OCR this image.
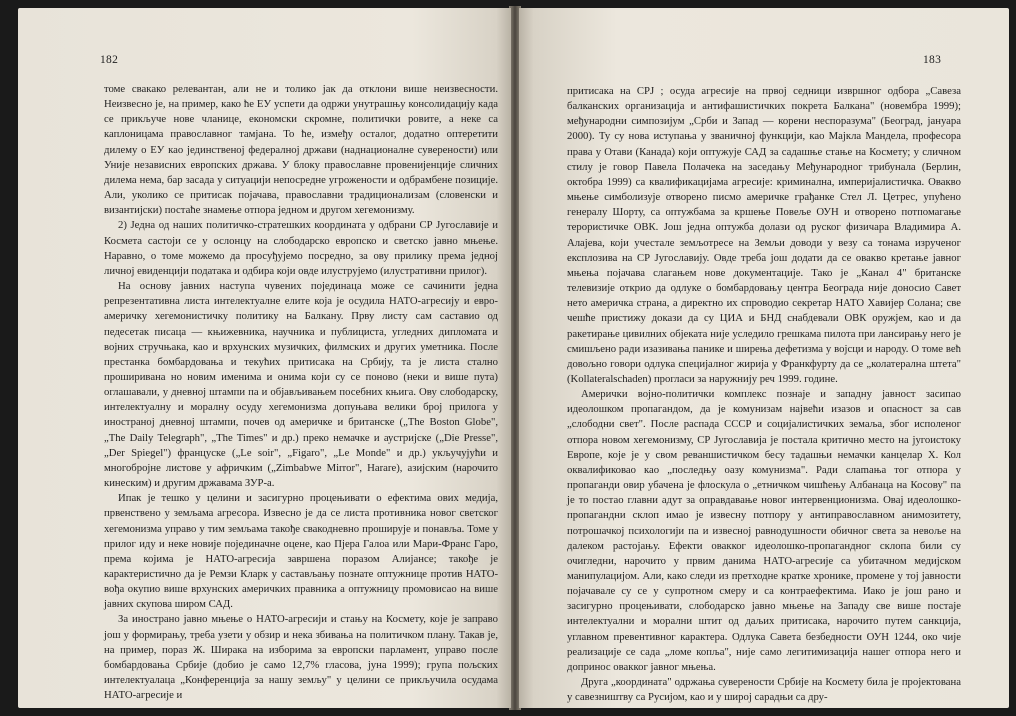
182

томе свакако релевантан, али не и толико јак да отклони више неизвесности. Неизвесно је, на пример, како ће ЕУ успети да одржи унутрашњу консолидацију када се прикључе нове чланице, економски скромне, политички ровите, а неке са каплоницама православног тамјана. То ће, између осталог, додатно оптеретити дилему о ЕУ као јединственој федералној држави (наднационалне суверености) или Уније независних европских држава. У блоку православне провенијенције сличних дилема нема, бар засада у ситуацији непосредне угрожености и одбрамбене позиције. Али, уколико се притисак појачава, православни традиционализам (словенски и византијски) постаће знамење отпора једном и другом хегемонизму.

2) Једна од наших политичко-стратешких координата у одбрани СР Југославије и Космета састоји се у ослонцу на слободарско европско и светско јавно мњење. Наравно, о томе можемо да просуђујемо посредно, за ову прилику према једној личној евиденцији података и одбира који овде илуструјемо (илустративни прилог).

На основу јавних наступа чувених појединаца може се сачинити једна репрезентативна листа интелектуалне елите која је осудила НАТО-агресију и евро-америчку хегемонистичку политику на Балкану. Прву листу сам саставио од педесетак писаца — књижевника, научника и публициста, угледних дипломата и војних стручњака, као и врхунских музичких, филмских и других уметника. После престанка бомбардовања и текућих притисака на Србију, та је листа стално проширивана но новим именима и онима који су се поново (неки и више пута) оглашавали, у дневној штампи па и објављивањем посебних књига. Ову слободарску, интелектуалну и моралну осуду хегемонизма допуњава велики број прилога у иностраној дневној штампи, почев од америчке и британске („The Boston Globe", „The Daily Telegraph", „The Times" и др.) преко немачке и аустријске („Die Presse", „Der Spiegel") француске („Le soir", „Figaro", „Le Monde" и др.) укључујући и многобројне листове у афричким („Zimbabwe Mirror", Harare), азијским (нарочито кинеским) и другим државама ЗУР-а.

Ипак је тешко у целини и засигурно процењивати о ефектима ових медија, првенствено у земљама агресора. Извесно је да се листа противника новог светског хегемонизма управо у тим земљама такође свакодневно проширује и понавља. Томе у прилог иду и неке новије појединачне оцене, као Пјера Галоа или Мари-Франс Гаро, према којима је НАТО-агресија завршена поразом Алијансе; такође је карактеристично да је Ремзи Кларк у састављању познате оптужнице против НАТО-вођа окупио више врхунских америчких правника а оптужницу промовисао на више јавних скупова широм САД.

За инострано јавно мњење о НАТО-агресији и стању на Космету, које је заправо још у формирању, треба узети у обзир и нека збивања на политичком плану. Такав је, на пример, пораз Ж. Ширака на изборима за европски парламент, управо после бомбардовања Србије (добио је само 12,7% гласова, јуна 1999); група пољских интелектуалаца „Конференција за нашу земљу" у целини се прикључила осудама НАТО-агресије и

183

притисака на СРЈ ; осуда агресије на првој седници извршног одбора „Савеза балканских организација и антифашистичких покрета Балкана" (новембра 1999); међународни симпозијум „Срби и Запад — корени неспоразума" (Београд, јануара 2000). Ту су нова иступања у званичној функцији, као Мајкла Мандела, професора права у Отави (Канада) који оптужује САД за садашње стање на Космету; у сличном стилу је говор Павела Полачека на заседању Међународног трибунала (Берлин, октобра 1999) са квалификацијама агресије: криминална, империјалистичка. Овакво мњење симболизује отворено писмо америчке грађанке Стел Л. Цетрес, упућено генералу Шорту, са оптужбама за кршење Повеље ОУН и отворено потпомагање терористичке ОВК. Још једна оптужба долази од руског физичара Владимира А. Алајева, који учестале земљотресе на Земљи доводи у везу са тонама изрученог експлозива на СР Југославију. Овде треба још додати да се овакво кретање јавног мњења појачава слагањем нове документације. Тако је „Канал 4" британске телевизије открио да одлуке о бомбардовању центра Београда није доносио Савет нето америчка страна, а директно их спроводио секретар НАТО Хавијер Солана; све чешће пристижу докази да су ЦИА и БНД снабдевали ОВК оружјем, као и да ракетирање цивилних објеката није уследило грешкама пилота при лансирању него је смишљено ради изазивања панике и ширења дефетизма у војсци и народу. О томе већ довољно говори одлука специјалног жирија у Франкфурту да се „колатерална штета" (Kollateralschaden) прогласи за наружнију реч 1999. године.

Амерички војно-политички комплекс познаје и западну јавност засипао идеолошком пропагандом, да је комунизам највећи изазов и опасност за сав „слободни свет". После распада СССР и социјалистичких земаља, због исполеног отпора новом хегемонизму, СР Југославија је постала критично место на југоистоку Европе, које је у свом реваншистичком бесу тадашњи немачки канцелар Х. Кол оквалификовао као „последњу оазу комунизма". Ради слamaња тог отпора у пропаганди овир убачена је флоскула о „етничком чишћењу Албанаца на Косову" па је то постао главни адут за оправдавање новог интервенционизма. Овај идеолошко-пропагандни склоп имао је извесну потпору у антиправославном анимозитету, потрошачкој психологији па и извесној равнодушности обичног света за невоље на далеком растојању. Ефекти овакког идеолошко-пропагандног склопа били су очигледни, нарочито у првим данима НАТО-агресије са убитачном медијском манипулацијом. Али, како следи из претходне кратке хронике, промене у тој јавности појачавале су се у супротном смеру и са контраефектима. Иако је још рано и засигурно процењивати, слободарско јавно мњење на Западу све више постаје интелектуални и морални штит од даљих притисака, нарочито путем санкција, углавном превентивног карактера. Одлука Савета безбедности ОУН 1244, око чије реализације се сада „ломе копља", није само легитимизација нашег отпора него и допринос овакког јавног мњења.

Друга „координата" одржања суверености Србије на Космету била је пројектована у савезништву са Русијом, као и у широј сарадњи са дру-
